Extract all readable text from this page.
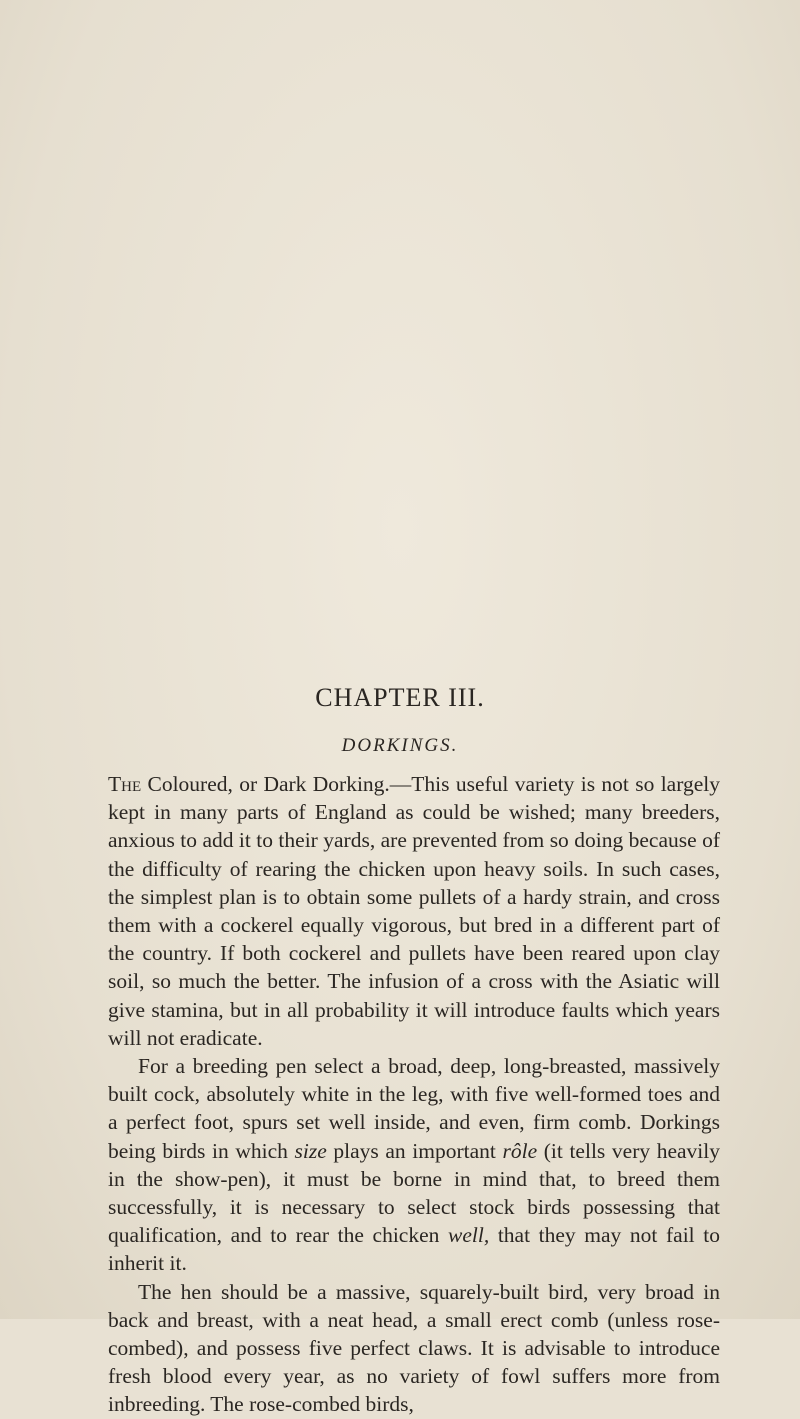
CHAPTER III.
DORKINGS.

The Coloured, or Dark Dorking.—This useful variety is not so largely kept in many parts of England as could be wished; many breeders, anxious to add it to their yards, are prevented from so doing because of the difficulty of rearing the chicken upon heavy soils. In such cases, the simplest plan is to obtain some pullets of a hardy strain, and cross them with a cockerel equally vigorous, but bred in a different part of the country. If both cockerel and pullets have been reared upon clay soil, so much the better. The infusion of a cross with the Asiatic will give stamina, but in all probability it will introduce faults which years will not eradicate.

For a breeding pen select a broad, deep, long-breasted, massively built cock, absolutely white in the leg, with five well-formed toes and a perfect foot, spurs set well inside, and even, firm comb. Dorkings being birds in which size plays an important rôle (it tells very heavily in the show-pen), it must be borne in mind that, to breed them successfully, it is necessary to select stock birds possessing that qualification, and to rear the chicken well, that they may not fail to inherit it.

The hen should be a massive, squarely-built bird, very broad in back and breast, with a neat head, a small erect comb (unless rose-combed), and possess five perfect claws. It is advisable to introduce fresh blood every year, as no variety of fowl suffers more from inbreeding. The rose-combed birds,
